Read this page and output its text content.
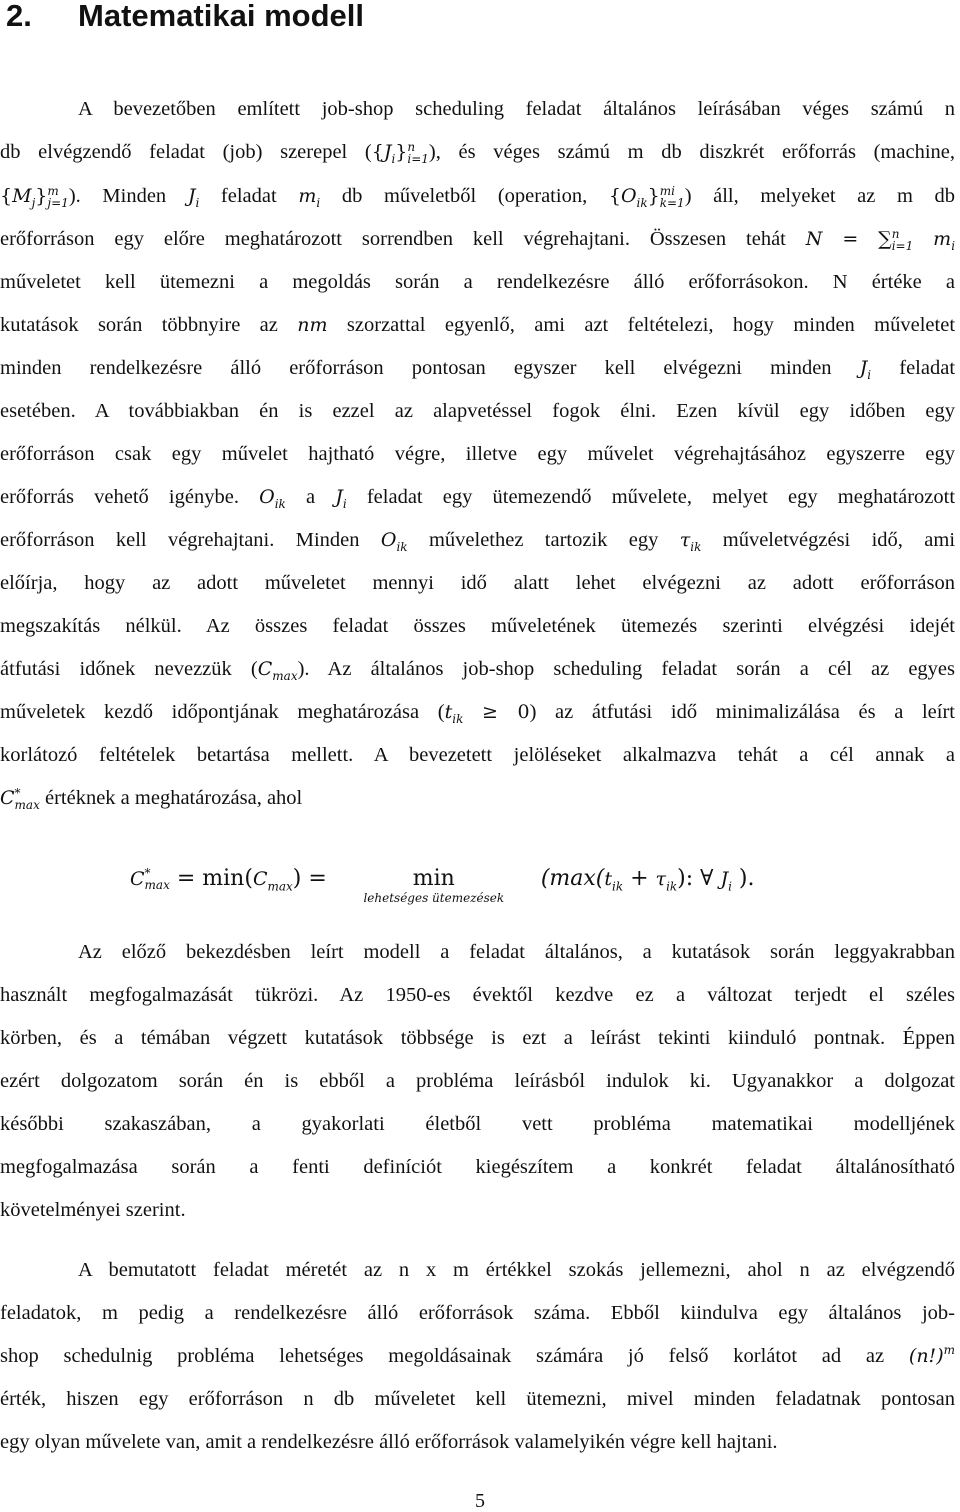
2. Matematikai modell
A bevezetőben említett job-shop scheduling feladat általános leírásában véges számú n
db elvégzendő feladat (job) szerepel ($\{J_i\}$ n
i=1 ), és véges számú m db diszkrét erőforrás (machine,
$\{M_j\}$ m
j=1 ). Minden $J_i$ feladat $m_i$ db műveletből (operation, $\{O_{ik}\}$ mi
k=1 ) áll, melyeket az m db
erőforráson egy előre meghatározott sorrendben kell végrehajtani. Összesen tehát N = ∑ n
i=1 $m_i$
műveletet kell ütemezni a megoldás során a rendelkezésre álló erőforrásokon. N értéke a
kutatások során többnyire az nm szorzattal egyenlő, ami azt feltételezi, hogy minden műveletet
minden rendelkezésre álló erőforráson pontosan egyszer kell elvégezni minden $J_i$ feladat
esetében. A továbbiakban én is ezzel az alapvetéssel fogok élni. Ezen kívül egy időben egy
erőforráson csak egy művelet hajtható végre, illetve egy művelet végrehajtásához egyszerre egy
erőforrás vehető igénybe. $O_{ik}$ a $J_i$ feladat egy ütemezendő művelete, melyet egy meghatározott
erőforráson kell végrehajtani. Minden $O_{ik}$ művelethez tartozik egy $\tau_{ik}$ műveletvégzési idő, ami
előírja, hogy az adott műveletet mennyi idő alatt lehet elvégezni az adott erőforráson
megszakítás nélkül. Az összes feladat összes műveletének ütemezés szerinti elvégzési idejét
átfutási időnek nevezzük $(C_{max})$. Az általános job-shop scheduling feladat során a cél az egyes
műveletek kezdő időpontjának meghatározása $(t_{ik} \ge 0)$ az átfutási idő minimalizálása és a leírt
korlátozó feltételek betartása mellett. A bevezetett jelöléseket alkalmazva tehát a cél annak a
C *
max értéknek a meghatározása, ahol
C *
$\max = \min(C_{max})$ =	min
lehetséges ütemezések
($\max(t_{ik} + \tau_{ik})$: ∀ $J_i$ ).
Az előző bekezdésben leírt modell a feladat általános, a kutatások során leggyakrabban
használt megfogalmazását tükrözi. Az 1950-es évektől kezdve ez a változat terjedt el széles
körben, és a témában végzett kutatások többsége is ezt a leírást tekinti kiinduló pontnak. Éppen
ezért dolgozatom során én is ebből a probléma leírásból indulok ki. Ugyanakkor a dolgozat
későbbi szakaszában, a gyakorlati életből vett probléma matematikai modelljének
megfogalmazása során a fenti definíciót kiegészítem a konkrét feladat általánosítható
követelményei szerint.
A bemutatott feladat méretét az n x m értékkel szokás jellemezni, ahol n az elvégzendő
feladatok, m pedig a rendelkezésre álló erőforrások száma. Ebből kiindulva egy általános job-
shop schedulnig probléma lehetséges megoldásainak számára jó felső korlátot ad az $(n!)^m$
érték, hiszen egy erőforráson n db műveletet kell ütemezni, mivel minden feladatnak pontosan
egy olyan művelete van, amit a rendelkezésre álló erőforrások valamelyikén végre kell hajtani.
5
